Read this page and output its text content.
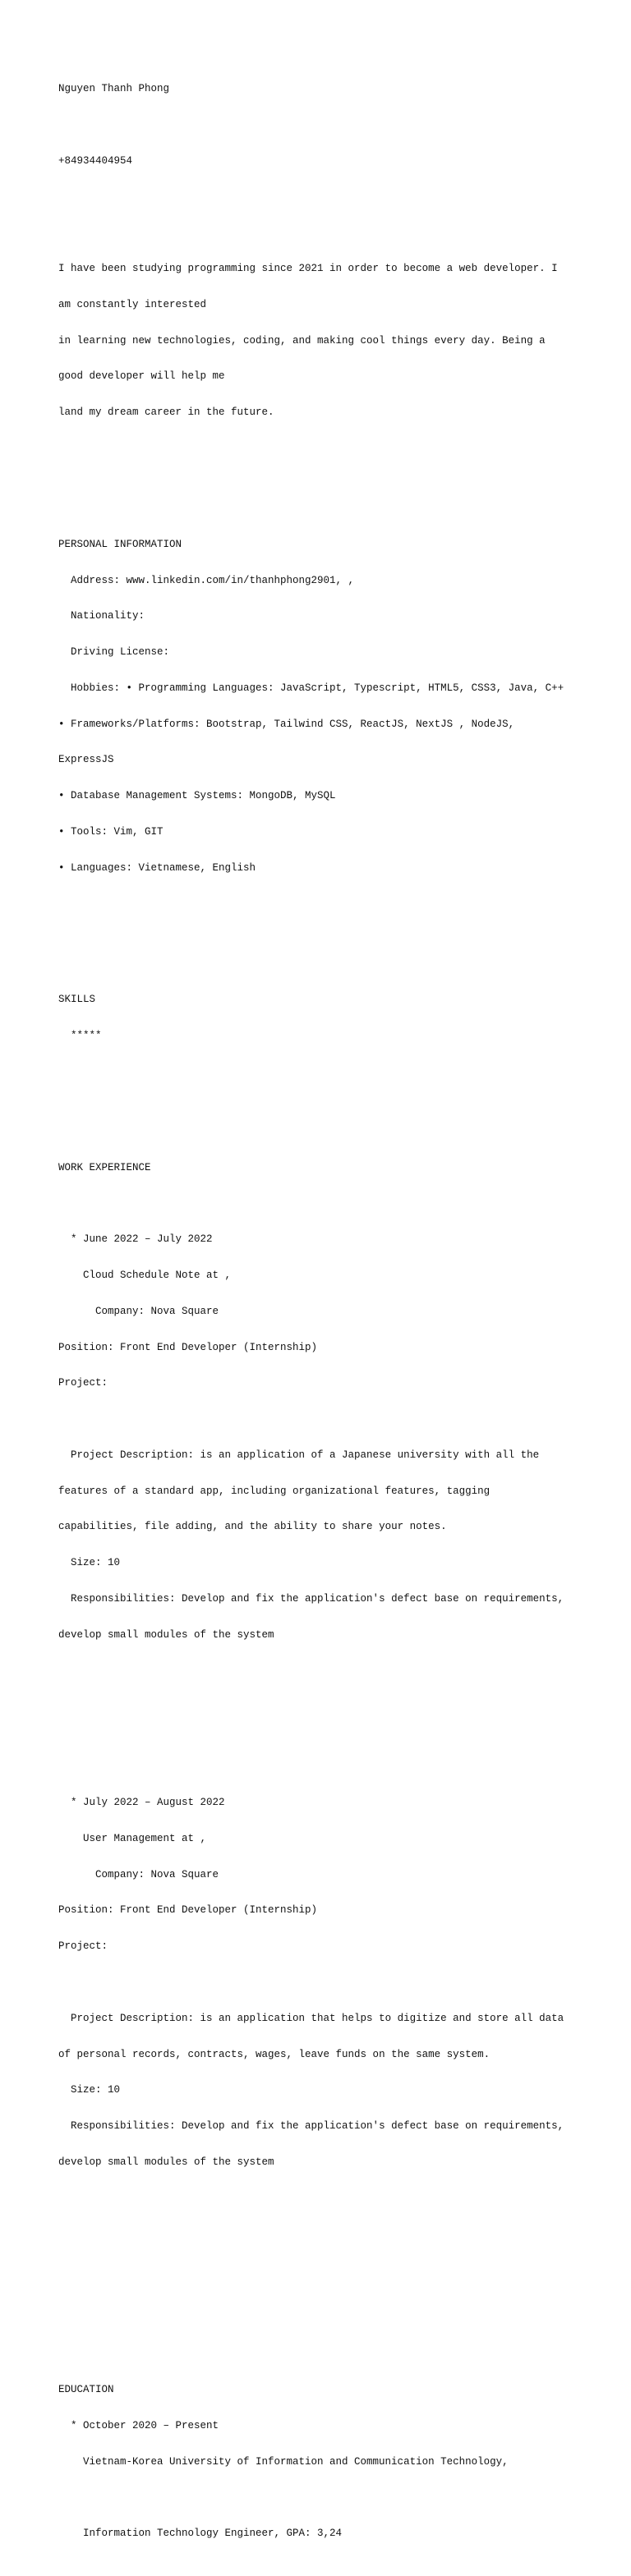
Nguyen Thanh Phong

+84934404954

I have been studying programming since 2021 in order to become a web developer. I

am constantly interested

in learning new technologies, coding, and making cool things every day. Being a

good developer will help me

land my dream career in the future.

PERSONAL INFORMATION

Address: www.linkedin.com/in/thanhphong2901, ,

Nationality:

Driving License:

Hobbies: • Programming Languages: JavaScript, Typescript, HTML5, CSS3, Java, C++

• Frameworks/Platforms: Bootstrap, Tailwind CSS, ReactJS, NextJS , NodeJS,

ExpressJS

• Database Management Systems: MongoDB, MySQL

• Tools: Vim, GIT

• Languages: Vietnamese, English

SKILLS

*****

WORK EXPERIENCE

* June 2022 – July 2022

Cloud Schedule Note at ,

Company: Nova Square

Position: Front End Developer (Internship)

Project:

Project Description: is an application of a Japanese university with all the

features of a standard app, including organizational features, tagging

capabilities, file adding, and the ability to share your notes.

Size: 10

Responsibilities: Develop and fix the application's defect base on requirements,

develop small modules of the system

* July 2022 – August 2022

User Management at ,

Company: Nova Square

Position: Front End Developer (Internship)

Project:

Project Description: is an application that helps to digitize and store all data

of personal records, contracts, wages, leave funds on the same system.

Size: 10

Responsibilities: Develop and fix the application's defect base on requirements,

develop small modules of the system

EDUCATION

* October 2020 – Present

Vietnam-Korea University of Information and Communication Technology,

Information Technology Engineer, GPA: 3,24
